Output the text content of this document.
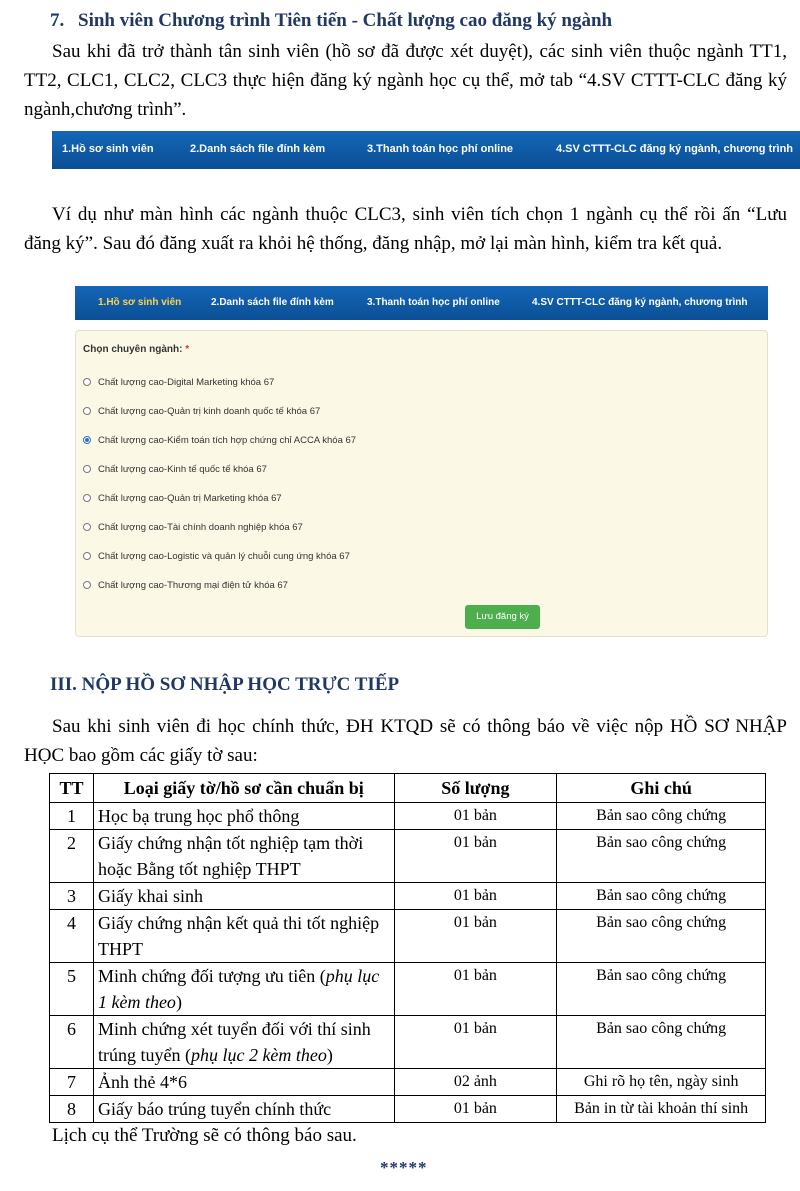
7. Sinh viên Chương trình Tiên tiến - Chất lượng cao đăng ký ngành

Sau khi đã trở thành tân sinh viên (hồ sơ đã được xét duyệt), các sinh viên thuộc ngành TT1, TT2, CLC1, CLC2, CLC3 thực hiện đăng ký ngành học cụ thể, mở tab “4.SV CTTT-CLC đăng ký ngành,chương trình”.

1.Hồ sơ sinh viên	2.Danh sách file đính kèm	3.Thanh toán học phí online	4.SV CTTT-CLC đăng ký ngành, chương trình

Ví dụ như màn hình các ngành thuộc CLC3, sinh viên tích chọn 1 ngành cụ thể rồi ấn “Lưu đăng ký”. Sau đó đăng xuất ra khỏi hệ thống, đăng nhập, mở lại màn hình, kiểm tra kết quả.

1.Hồ sơ sinh viên	2.Danh sách file đính kèm	3.Thanh toán học phí online	4.SV CTTT-CLC đăng ký ngành, chương trình
Chọn chuyên ngành: *
Chất lượng cao-Digital Marketing khóa 67
Chất lượng cao-Quản trị kinh doanh quốc tế khóa 67
Chất lượng cao-Kiểm toán tích hợp chứng chỉ ACCA khóa 67
Chất lượng cao-Kinh tế quốc tế khóa 67
Chất lượng cao-Quản trị Marketing khóa 67
Chất lượng cao-Tài chính doanh nghiệp khóa 67
Chất lượng cao-Logistic và quản lý chuỗi cung ứng khóa 67
Chất lượng cao-Thương mại điện tử khóa 67
Lưu đăng ký
III. NỘP HỒ SƠ NHẬP HỌC TRỰC TIẾP

Sau khi sinh viên đi học chính thức, ĐH KTQD sẽ có thông báo về việc nộp HỒ SƠ NHẬP HỌC bao gồm các giấy tờ sau:

TT	Loại giấy tờ/hồ sơ cần chuẩn bị	Số lượng	Ghi chú
1	Học bạ trung học phổ thông	01 bản	Bản sao công chứng
2	Giấy chứng nhận tốt nghiệp tạm thời hoặc Bằng tốt nghiệp THPT	01 bản	Bản sao công chứng
3	Giấy khai sinh	01 bản	Bản sao công chứng
4	Giấy chứng nhận kết quả thi tốt nghiệp THPT	01 bản	Bản sao công chứng
5	Minh chứng đối tượng ưu tiên (phụ lục 1 kèm theo)	01 bản	Bản sao công chứng
6	Minh chứng xét tuyển đối với thí sinh trúng tuyển (phụ lục 2 kèm theo)	01 bản	Bản sao công chứng
7	Ảnh thẻ 4*6	02 ảnh	Ghi rõ họ tên, ngày sinh
8	Giấy báo trúng tuyển chính thức	01 bản	Bản in từ tài khoản thí sinh
Lịch cụ thể Trường sẽ có thông báo sau.
*****
